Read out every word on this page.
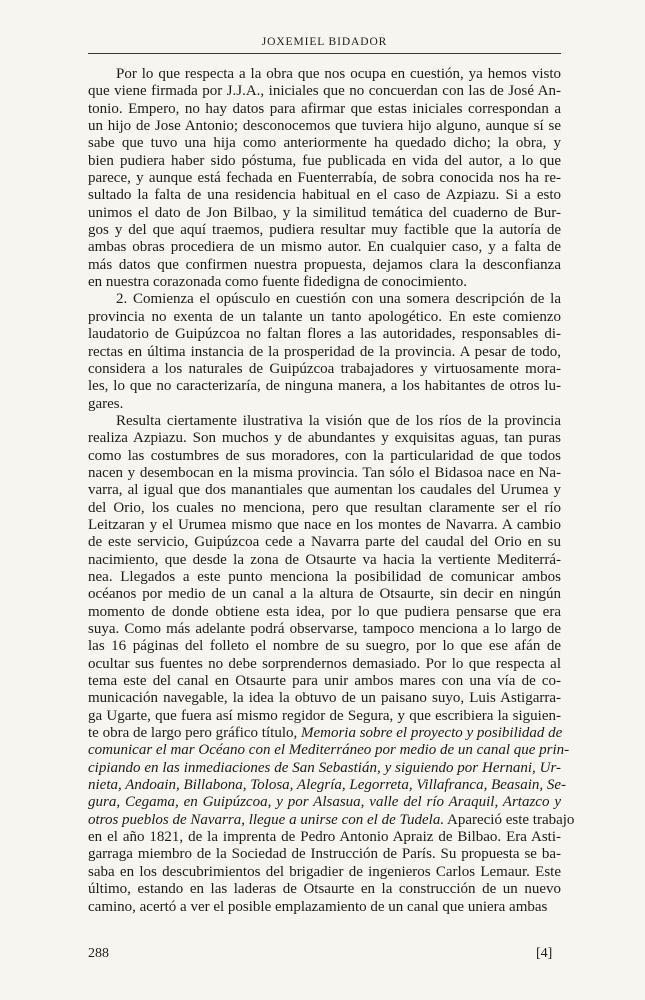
JOXEMIEL BIDADOR

Por lo que respecta a la obra que nos ocupa en cuestión, ya hemos visto
que viene firmada por J.J.A., iniciales que no concuerdan con las de José An-
tonio. Empero, no hay datos para afirmar que estas iniciales correspondan a
un hijo de Jose Antonio; desconocemos que tuviera hijo alguno, aunque sí se
sabe que tuvo una hija como anteriormente ha quedado dicho; la obra, y
bien pudiera haber sido póstuma, fue publicada en vida del autor, a lo que
parece, y aunque está fechada en Fuenterrabía, de sobra conocida nos ha re-
sultado la falta de una residencia habitual en el caso de Azpiazu. Si a esto
unimos el dato de Jon Bilbao, y la similitud temática del cuaderno de Bur-
gos y del que aquí traemos, pudiera resultar muy factible que la autoría de
ambas obras procediera de un mismo autor. En cualquier caso, y a falta de
más datos que confirmen nuestra propuesta, dejamos clara la desconfianza
en nuestra corazonada como fuente fidedigna de conocimiento.

2. Comienza el opúsculo en cuestión con una somera descripción de la
provincia no exenta de un talante un tanto apologético. En este comienzo
laudatorio de Guipúzcoa no faltan flores a las autoridades, responsables di-
rectas en última instancia de la prosperidad de la provincia. A pesar de todo,
considera a los naturales de Guipúzcoa trabajadores y virtuosamente mora-
les, lo que no caracterizaría, de ninguna manera, a los habitantes de otros lu-
gares.

Resulta ciertamente ilustrativa la visión que de los ríos de la provincia
realiza Azpiazu. Son muchos y de abundantes y exquisitas aguas, tan puras
como las costumbres de sus moradores, con la particularidad de que todos
nacen y desembocan en la misma provincia. Tan sólo el Bidasoa nace en Na-
varra, al igual que dos manantiales que aumentan los caudales del Urumea y
del Orio, los cuales no menciona, pero que resultan claramente ser el río
Leitzaran y el Urumea mismo que nace en los montes de Navarra. A cambio
de este servicio, Guipúzcoa cede a Navarra parte del caudal del Orio en su
nacimiento, que desde la zona de Otsaurte va hacia la vertiente Mediterrá-
nea. Llegados a este punto menciona la posibilidad de comunicar ambos
océanos por medio de un canal a la altura de Otsaurte, sin decir en ningún
momento de donde obtiene esta idea, por lo que pudiera pensarse que era
suya. Como más adelante podrá observarse, tampoco menciona a lo largo de
las 16 páginas del folleto el nombre de su suegro, por lo que ese afán de
ocultar sus fuentes no debe sorprendernos demasiado. Por lo que respecta al
tema este del canal en Otsaurte para unir ambos mares con una vía de co-
municación navegable, la idea la obtuvo de un paisano suyo, Luis Astigarra-
ga Ugarte, que fuera así mismo regidor de Segura, y que escribiera la siguien-
te obra de largo pero gráfico título, Memoria sobre el proyecto y posibilidad de
comunicar el mar Océano con el Mediterráneo por medio de un canal que prin-
cipiando en las inmediaciones de San Sebastián, y siguiendo por Hernani, Ur-
nieta, Andoain, Billabona, Tolosa, Alegría, Legorreta, Villafranca, Beasain, Se-
gura, Cegama, en Guipúzcoa, y por Alsasua, valle del río Araquil, Artazco y
otros pueblos de Navarra, llegue a unirse con el de Tudela. Apareció este trabajo
en el año 1821, de la imprenta de Pedro Antonio Apraiz de Bilbao. Era Asti-
garraga miembro de la Sociedad de Instrucción de París. Su propuesta se ba-
saba en los descubrimientos del brigadier de ingenieros Carlos Lemaur. Este
último, estando en las laderas de Otsaurte en la construcción de un nuevo
camino, acertó a ver el posible emplazamiento de un canal que uniera ambas

288	[4]
